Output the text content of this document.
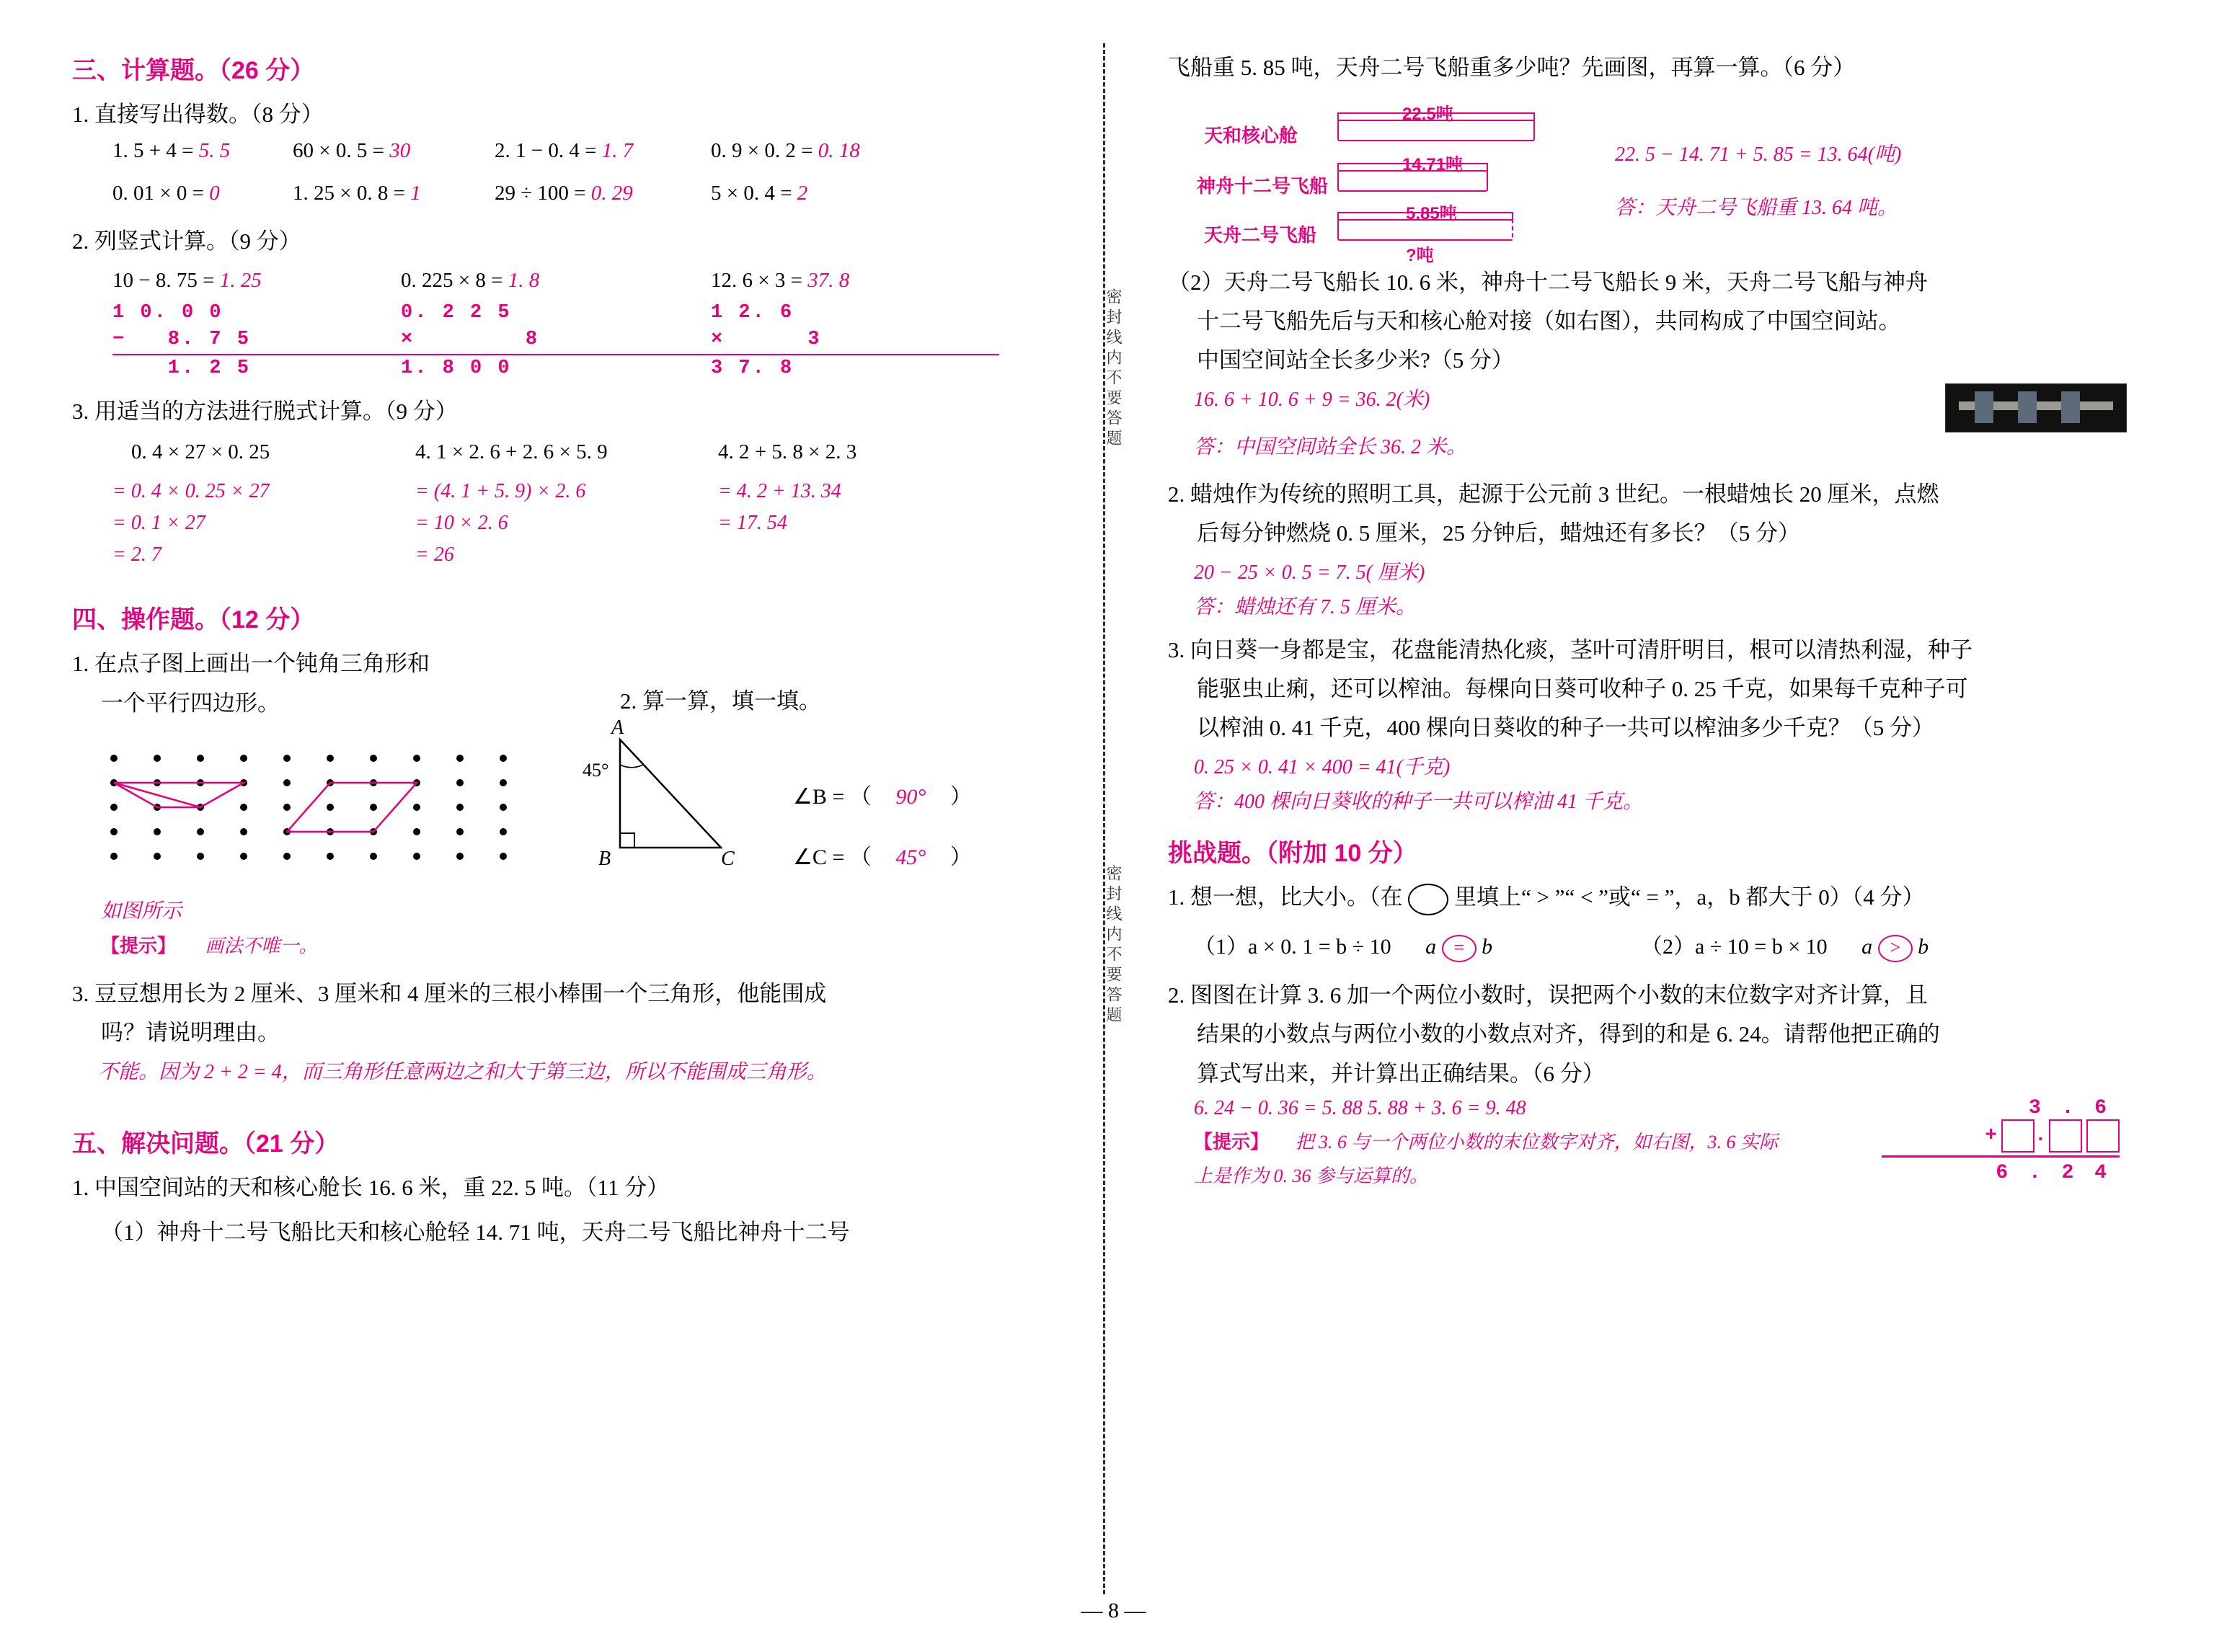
密封线内不要答题
密封线内不要答题
三、计算题。（26 分）
1. 直接写出得数。（8 分）
1. 5 + 4 = 5. 5	60 × 0. 5 = 30	2. 1 − 0. 4 = 1. 7	0. 9 × 0. 2 = 0. 18
0. 01 × 0 = 0	1. 25 × 0. 8 = 1	29 ÷ 100 = 0. 29	5 × 0. 4 = 2
2. 列竖式计算。（9 分）
10 − 8. 75 = 1. 25
1 0. 0 0
−   8. 7 5
1. 2 5
0. 225 × 8 = 1. 8
0. 2 2 5
×        8
1. 8 0 0
12. 6 × 3 = 37. 8
1 2. 6
×      3
3 7. 8
3. 用适当的方法进行脱式计算。（9 分）
0. 4 × 27 × 0. 25
= 0. 4 × 0. 25 × 27
= 0. 1 × 27
= 2. 7
4. 1 × 2. 6 + 2. 6 × 5. 9
= (4. 1 + 5. 9) × 2. 6
= 10 × 2. 6
= 26
4. 2 + 5. 8 × 2. 3
= 4. 2 + 13. 34
= 17. 54
四、操作题。（12 分）
1. 在点子图上画出一个钝角三角形和
一个平行四边形。	2. 算一算，填一填。
A
B	C
45°
∠B = （ 90° ）
∠C = （ 45° ）
如图所示
【提示】 画法不唯一。
3. 豆豆想用长为 2 厘米、3 厘米和 4 厘米的三根小棒围一个三角形，他能围成
吗？请说明理由。
不能。因为 2 + 2 = 4，而三角形任意两边之和大于第三边，所以不能围成三角形。
五、解决问题。（21 分）
1. 中国空间站的天和核心舱长 16. 6 米，重 22. 5 吨。（11 分）
（1）神舟十二号飞船比天和核心舱轻 14. 71 吨，天舟二号飞船比神舟十二号
飞船重 5. 85 吨，天舟二号飞船重多少吨？先画图，再算一算。（6 分）
天和核心舱
22.5吨
神舟十二号飞船
14.71吨
天舟二号飞船
5.85吨
?吨
22. 5 − 14. 71 + 5. 85 = 13. 64(吨)
答：天舟二号飞船重 13. 64 吨。
（2）天舟二号飞船长 10. 6 米，神舟十二号飞船长 9 米，天舟二号飞船与神舟
十二号飞船先后与天和核心舱对接（如右图），共同构成了中国空间站。
中国空间站全长多少米?（5 分）
16. 6 + 10. 6 + 9 = 36. 2(米)
答：中国空间站全长 36. 2 米。
2. 蜡烛作为传统的照明工具，起源于公元前 3 世纪。一根蜡烛长 20 厘米，点燃
后每分钟燃烧 0. 5 厘米，25 分钟后，蜡烛还有多长？（5 分）
20 − 25 × 0. 5 = 7. 5( 厘米)
答：蜡烛还有 7. 5 厘米。
3. 向日葵一身都是宝，花盘能清热化痰，茎叶可清肝明目，根可以清热利湿，种子
能驱虫止痢，还可以榨油。每棵向日葵可收种子 0. 25 千克，如果每千克种子可
以榨油 0. 41 千克，400 棵向日葵收的种子一共可以榨油多少千克？（5 分）
0. 25 × 0. 41 × 400 = 41(千克)
答：400 棵向日葵收的种子一共可以榨油 41 千克。
挑战题。（附加 10 分）
1. 想一想，比大小。（在 里填上“ > ”“ < ”或“ = ”，a，b 都大于 0）（4 分）
（1）a × 0. 1 = b ÷ 10 a = b	（2）a ÷ 10 = b × 10 a > b
2. 图图在计算 3. 6 加一个两位小数时，误把两个小数的末位数字对齐计算，且
结果的小数点与两位小数的小数点对齐，得到的和是 6. 24。请帮他把正确的
算式写出来，并计算出正确结果。（6 分）
6. 24 − 0. 36 = 5. 88 5. 88 + 3. 6 = 9. 48
【提示】 把 3. 6 与一个两位小数的末位数字对齐，如右图，3. 6 实际
上是作为 0. 36 参与运算的。
3 . 6
+ .
6 . 2 4
— 8 —
